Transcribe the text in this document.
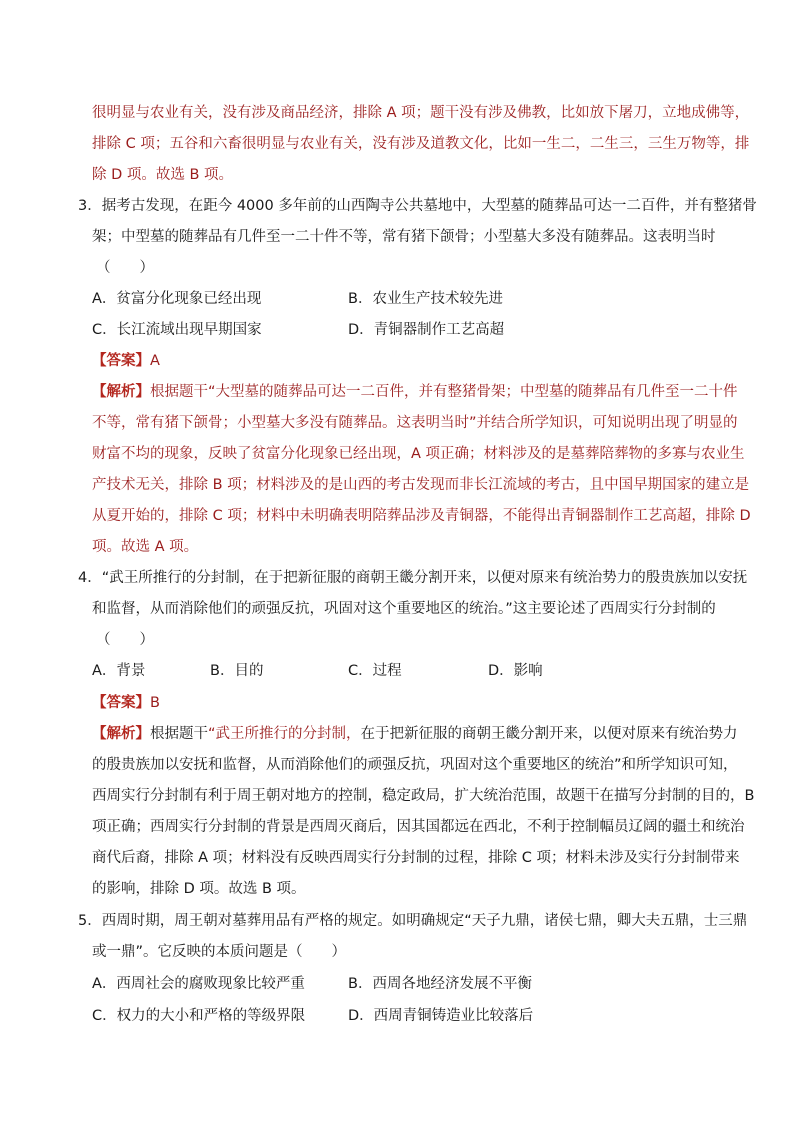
很明显与农业有关，没有涉及商品经济，排除 A 项；题干没有涉及佛教，比如放下屠刀，立地成佛等，
排除 C 项；五谷和六畜很明显与农业有关，没有涉及道教文化，比如一生二，二生三，三生万物等，排
除 D 项。故选 B 项。
3．据考古发现，在距今 4000 多年前的山西陶寺公共墓地中，大型墓的随葬品可达一二百件，并有整猪骨
架；中型墓的随葬品有几件至一二十件不等，常有猪下颌骨；小型墓大多没有随葬品。这表明当时
（　　）
A．贫富分化现象已经出现	B．农业生产技术较先进
C．长江流域出现早期国家	D．青铜器制作工艺高超
【答案】A
【解析】根据题干“大型墓的随葬品可达一二百件，并有整猪骨架；中型墓的随葬品有几件至一二十件
不等，常有猪下颌骨；小型墓大多没有随葬品。这表明当时”并结合所学知识，可知说明出现了明显的
财富不均的现象，反映了贫富分化现象已经出现，A 项正确；材料涉及的是墓葬陪葬物的多寡与农业生
产技术无关，排除 B 项；材料涉及的是山西的考古发现而非长江流域的考古，且中国早期国家的建立是
从夏开始的，排除 C 项；材料中未明确表明陪葬品涉及青铜器，不能得出青铜器制作工艺高超，排除 D
项。故选 A 项。
4．“武王所推行的分封制，在于把新征服的商朝王畿分割开来，以便对原来有统治势力的殷贵族加以安抚
和监督，从而消除他们的顽强反抗，巩固对这个重要地区的统治。”这主要论述了西周实行分封制的
（　　）
A．背景	B．目的	C．过程	D．影响
【答案】B
【解析】根据题干“武王所推行的分封制，在于把新征服的商朝王畿分割开来，以便对原来有统治势力
的殷贵族加以安抚和监督，从而消除他们的顽强反抗，巩固对这个重要地区的统治”和所学知识可知，
西周实行分封制有利于周王朝对地方的控制，稳定政局，扩大统治范围，故题干在描写分封制的目的，B
项正确；西周实行分封制的背景是西周灭商后，因其国都远在西北，不利于控制幅员辽阔的疆土和统治
商代后裔，排除 A 项；材料没有反映西周实行分封制的过程，排除 C 项；材料未涉及实行分封制带来
的影响，排除 D 项。故选 B 项。
5．西周时期，周王朝对墓葬用品有严格的规定。如明确规定“天子九鼎，诸侯七鼎，卿大夫五鼎，士三鼎
或一鼎”。它反映的本质问题是（　　）
A．西周社会的腐败现象比较严重	B．西周各地经济发展不平衡
C．权力的大小和严格的等级界限	D．西周青铜铸造业比较落后
